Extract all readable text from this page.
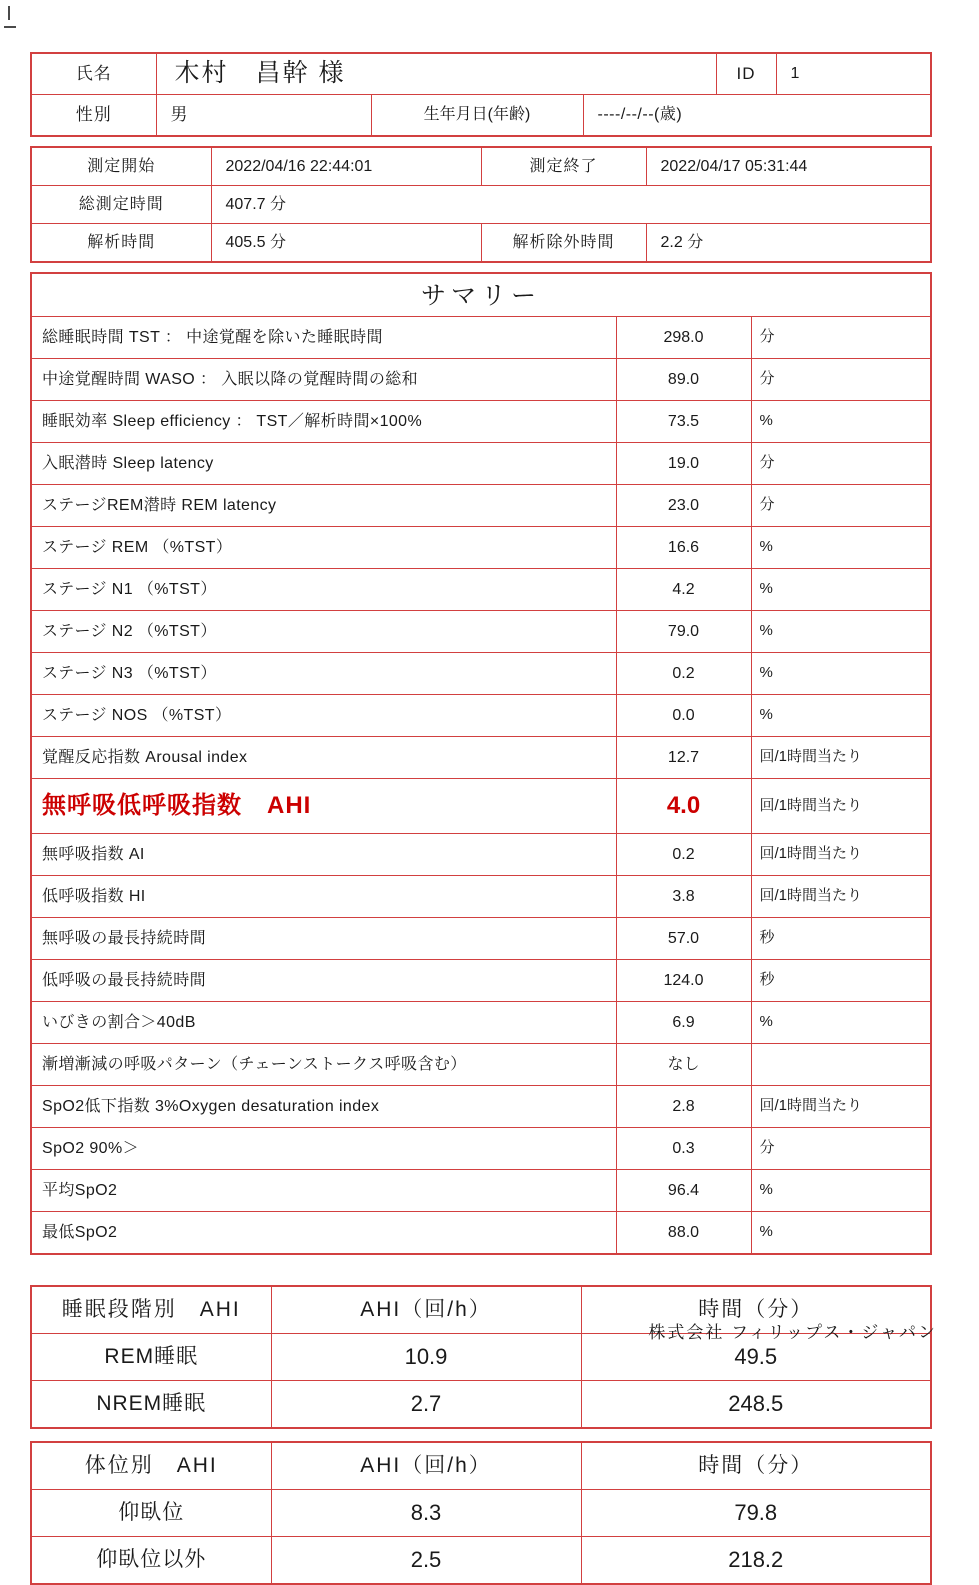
氏名	木村　昌幹 様			ID	1
性別	男	生年月日(年齢)	----/--/--(歳)		
測定開始	2022/04/16 22:44:01	測定終了	2022/04/17 05:31:44
総測定時間	407.7 分		
解析時間	405.5 分	解析除外時間	2.2 分
サマリー		
総睡眠時間 TST ： 中途覚醒を除いた睡眠時間	298.0	分
中途覚醒時間 WASO ： 入眠以降の覚醒時間の総和	89.0	分
睡眠効率 Sleep efficiency ： TST／解析時間×100%	73.5	%
入眠潜時 Sleep latency	19.0	分
ステージREM潜時 REM latency	23.0	分
ステージ REM （%TST）	16.6	%
ステージ N1 （%TST）	4.2	%
ステージ N2 （%TST）	79.0	%
ステージ N3 （%TST）	0.2	%
ステージ NOS （%TST）	0.0	%
覚醒反応指数 Arousal index	12.7	回/1時間当たり
無呼吸低呼吸指数　AHI	4.0	回/1時間当たり
無呼吸指数 AI	0.2	回/1時間当たり
低呼吸指数 HI	3.8	回/1時間当たり
無呼吸の最長持続時間	57.0	秒
低呼吸の最長持続時間	124.0	秒
いびきの割合＞40dB	6.9	%
漸増漸減の呼吸パターン（チェーンストークス呼吸含む）	なし	
SpO2低下指数 3%Oxygen desaturation index	2.8	回/1時間当たり
SpO2 90%＞	0.3	分
平均SpO2	96.4	%
最低SpO2	88.0	%
睡眠段階別　AHI	AHI（回/h）	時間（分）
REM睡眠	10.9	49.5
NREM睡眠	2.7	248.5
体位別　AHI	AHI（回/h）	時間（分）
仰臥位	8.3	79.8
仰臥位以外	2.5	218.2
株式会社 フィリップス・ジャパン
